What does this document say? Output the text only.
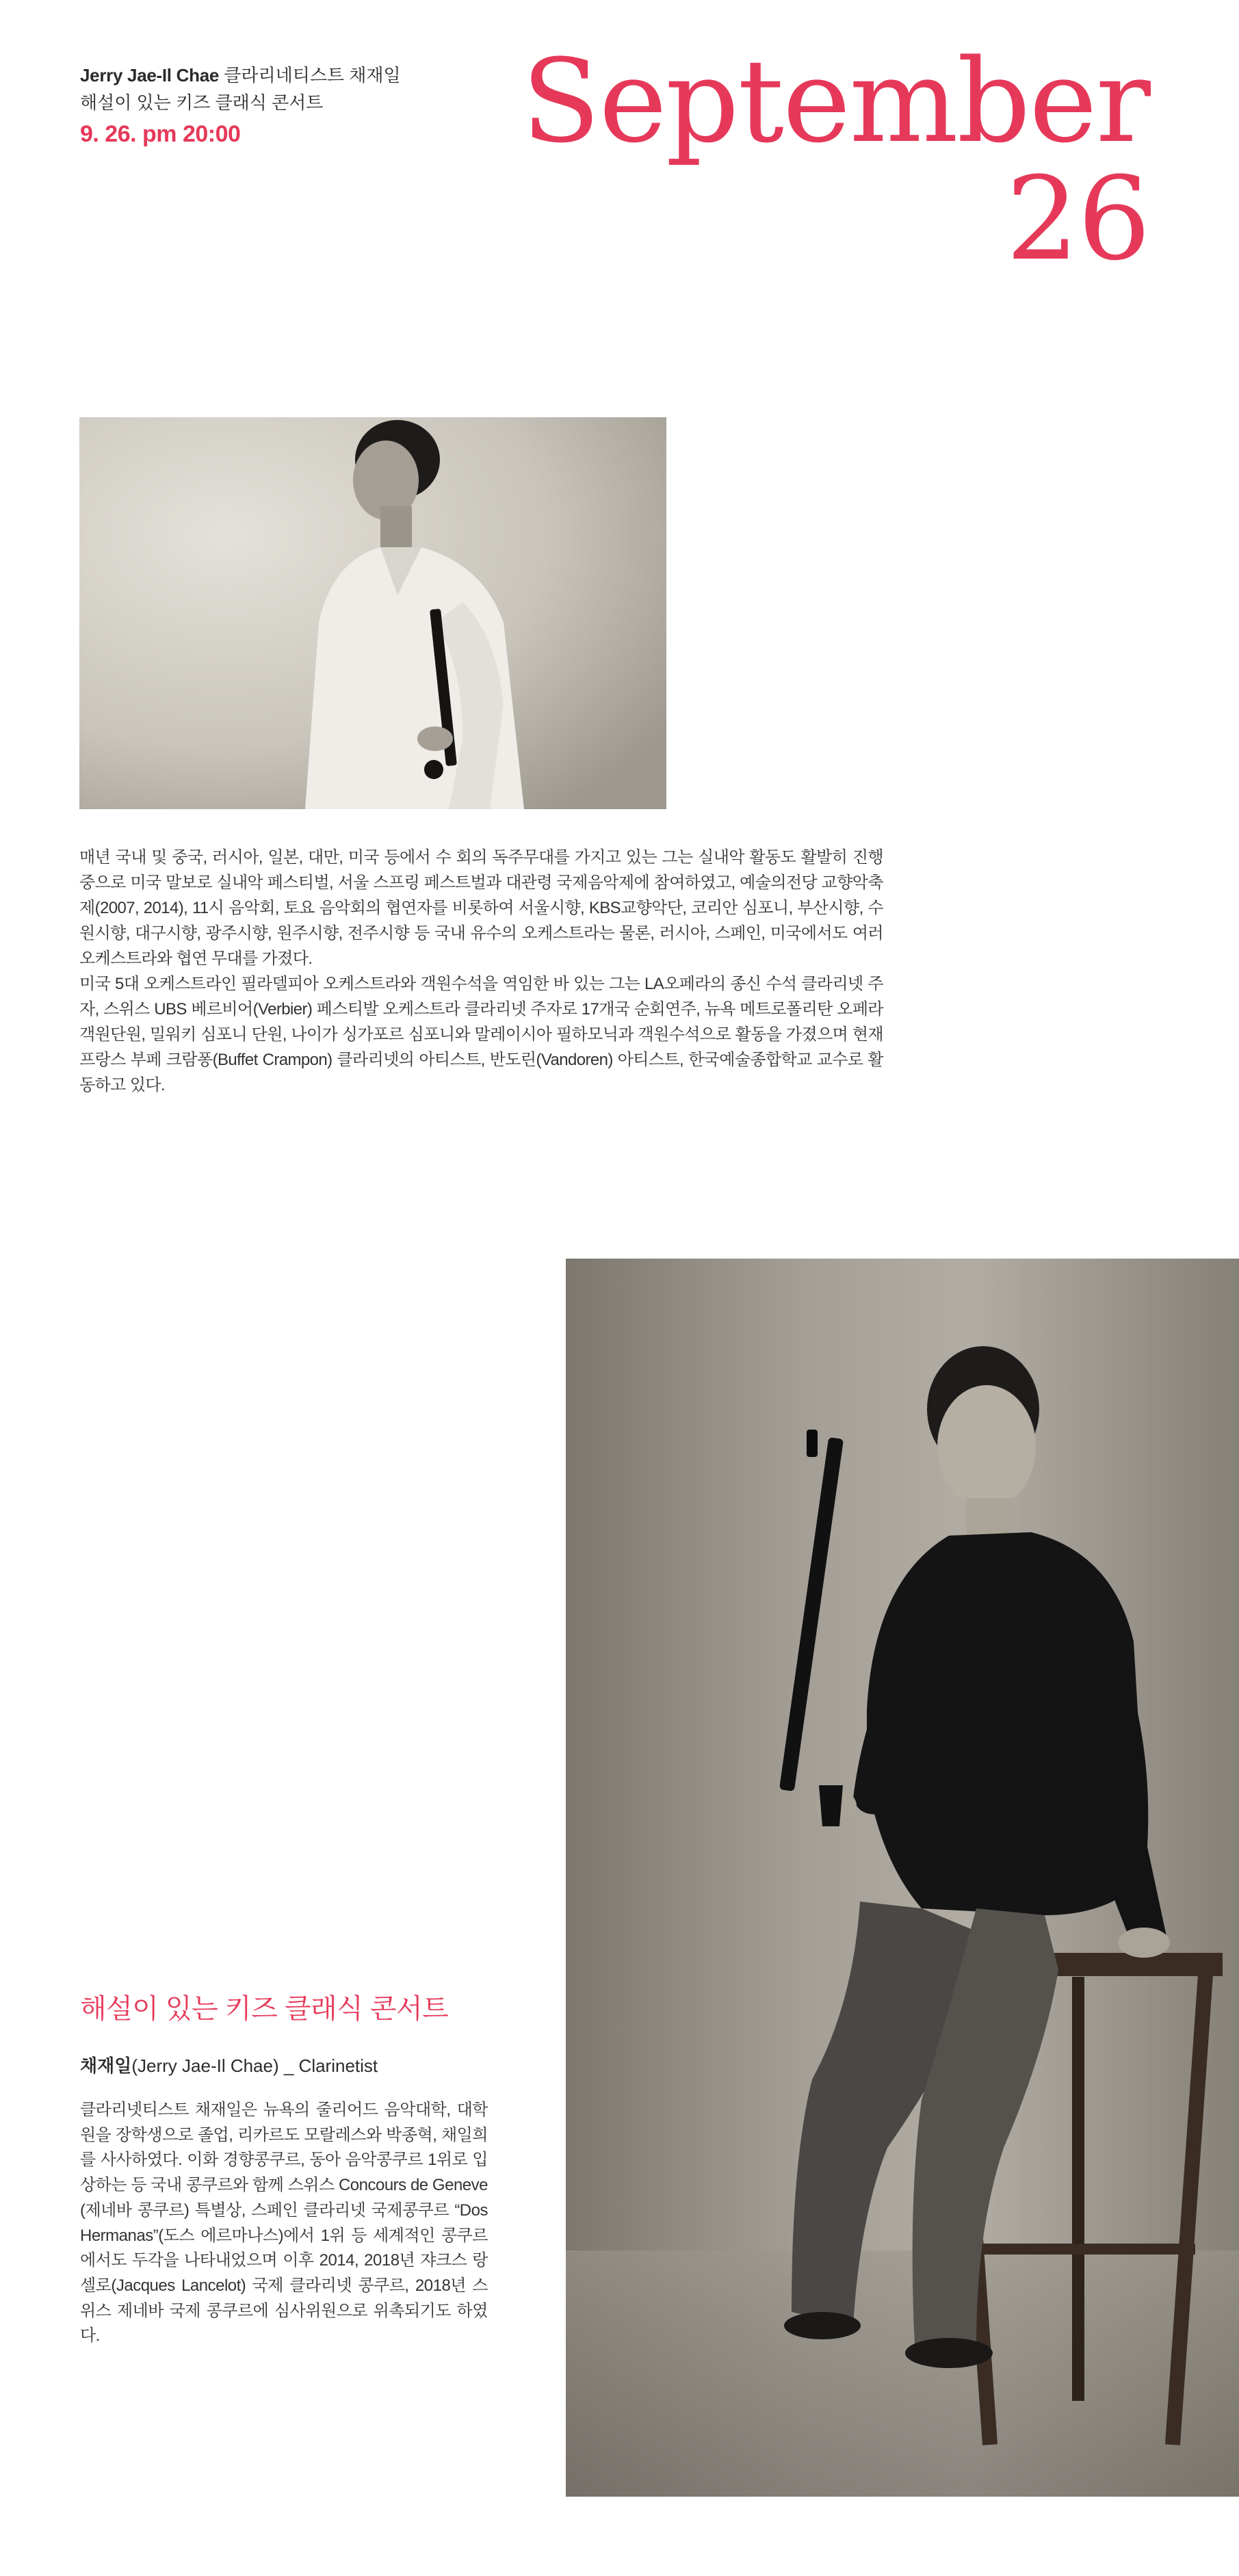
Jerry Jae-Il Chae 클라리네티스트 채재일
해설이 있는 키즈 클래식 콘서트
9. 26. pm 20:00	September
26

매년 국내 및 중국, 러시아, 일본, 대만, 미국 등에서 수 회의 독주무대를 가지고 있는 그는 실내악 활동도 활발히 진행 중으로 미국 말보로 실내악 페스티벌, 서울 스프링 페스트벌과 대관령 국제음악제에 참여하였고, 예술의전당 교향악축제(2007, 2014), 11시 음악회, 토요 음악회의 협연자를 비롯하여 서울시향, KBS교향악단, 코리안 심포니, 부산시향, 수원시향, 대구시향, 광주시향, 원주시향, 전주시향 등 국내 유수의 오케스트라는 물론, 러시아, 스페인, 미국에서도 여러 오케스트라와 협연 무대를 가졌다.

미국 5대 오케스트라인 필라델피아 오케스트라와 객원수석을 역임한 바 있는 그는 LA오페라의 종신 수석 클라리넷 주자, 스위스 UBS 베르비어(Verbier) 페스티발 오케스트라 클라리넷 주자로 17개국 순회연주, 뉴욕 메트로폴리탄 오페라 객원단원, 밀워키 심포니 단원, 나이가 싱가포르 심포니와 말레이시아 필하모닉과 객원수석으로 활동을 가졌으며 현재 프랑스 부페 크람퐁(Buffet Crampon) 클라리넷의 아티스트, 반도린(Vandoren) 아티스트, 한국예술종합학교 교수로 활동하고 있다.

해설이 있는 키즈 클래식 콘서트
채재일(Jerry Jae-Il Chae) _ Clarinetist

클라리넷티스트 채재일은 뉴욕의 줄리어드 음악대학, 대학원을 장학생으로 졸업, 리카르도 모랄레스와 박종혁, 채일희를 사사하였다. 이화 경향콩쿠르, 동아 음악콩쿠르 1위로 입상하는 등 국내 콩쿠르와 함께 스위스 Concours de Geneve (제네바 콩쿠르) 특별상, 스페인 클라리넷 국제콩쿠르 “Dos Hermanas”(도스 에르마나스)에서 1위 등 세계적인 콩쿠르에서도 두각을 나타내었으며 이후 2014, 2018년 쟈크스 랑셀로(Jacques Lancelot) 국제 클라리넷 콩쿠르, 2018년 스위스 제네바 국제 콩쿠르에 심사위원으로 위촉되기도 하였다.
